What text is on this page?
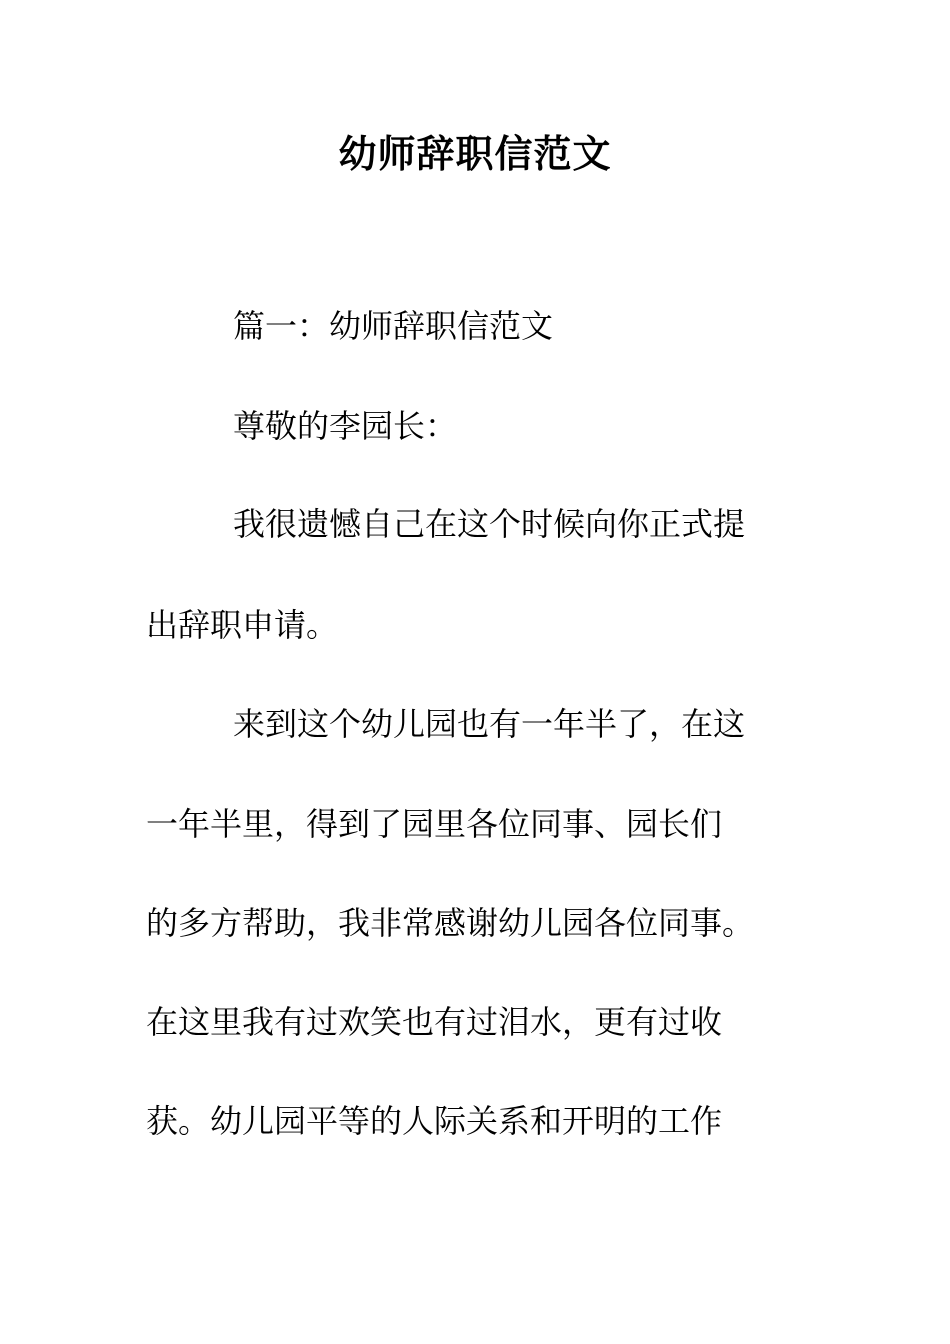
幼师辞职信范文

篇一：幼师辞职信范文

尊敬的李园长：

我很遗憾自己在这个时候向你正式提

出辞职申请。

来到这个幼儿园也有一年半了，在这

一年半里，得到了园里各位同事、园长们

的多方帮助，我非常感谢幼儿园各位同事。

在这里我有过欢笑也有过泪水，更有过收

获。幼儿园平等的人际关系和开明的工作
